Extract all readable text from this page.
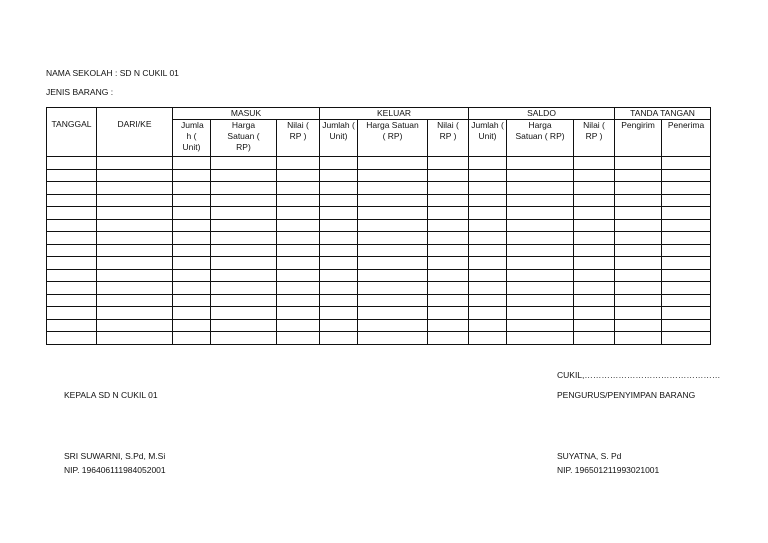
NAMA SEKOLAH : SD N CUKIL 01
JENIS BARANG :
TANGGAL	DARI/KE	MASUK			KELUAR			SALDO			TANDA TANGAN	
		Jumla h ( Unit)	Harga Satuan ( RP)	Nilai ( RP )	Jumlah ( Unit)	Harga Satuan ( RP)	Nilai ( RP )	Jumlah ( Unit)	Harga Satuan ( RP)	Nilai ( RP )	Pengirim	Penerima

CUKIL,…………………………………………
KEPALA SD N CUKIL 01	PENGURUS/PENYIMPAN BARANG
SRI SUWARNI, S.Pd, M.Si
NIP. 196406111984052001
SUYATNA, S. Pd
NIP. 196501211993021001
